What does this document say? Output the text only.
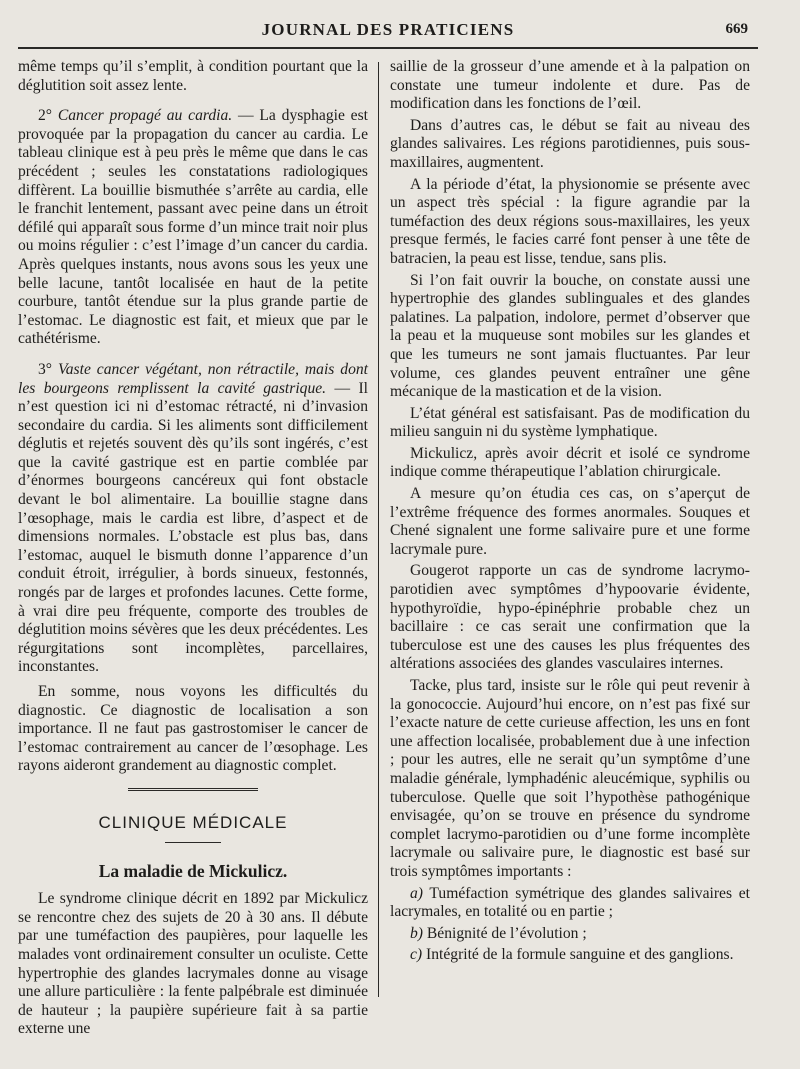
JOURNAL DES PRATICIENS	669

même temps qu’il s’emplit, à condition pourtant que la déglutition soit assez lente.

2° Cancer propagé au cardia. — La dysphagie est provoquée par la propagation du cancer au cardia. Le tableau clinique est à peu près le même que dans le cas précédent ; seules les constatations radiologiques diffèrent. La bouillie bismuthée s’arrête au cardia, elle le franchit lentement, passant avec peine dans un étroit défilé qui apparaît sous forme d’un mince trait noir plus ou moins régulier : c’est l’image d’un cancer du cardia. Après quelques instants, nous avons sous les yeux une belle lacune, tantôt localisée en haut de la petite courbure, tantôt étendue sur la plus grande partie de l’estomac. Le diagnostic est fait, et mieux que par le cathétérisme.

3° Vaste cancer végétant, non rétractile, mais dont les bourgeons remplissent la cavité gastrique. — Il n’est question ici ni d’estomac rétracté, ni d’invasion secondaire du cardia. Si les aliments sont difficilement déglutis et rejetés souvent dès qu’ils sont ingérés, c’est que la cavité gastrique est en partie comblée par d’énormes bourgeons cancéreux qui font obstacle devant le bol alimentaire. La bouillie stagne dans l’œsophage, mais le cardia est libre, d’aspect et de dimensions normales. L’obstacle est plus bas, dans l’estomac, auquel le bismuth donne l’apparence d’un conduit étroit, irrégulier, à bords sinueux, festonnés, rongés par de larges et profondes lacunes. Cette forme, à vrai dire peu fréquente, comporte des troubles de déglutition moins sévères que les deux précédentes. Les régurgitations sont incomplètes, parcellaires, inconstantes.

En somme, nous voyons les difficultés du diagnostic. Ce diagnostic de localisation a son importance. Il ne faut pas gastrostomiser le cancer de l’estomac contrairement au cancer de l’œsophage. Les rayons aideront grandement au diagnostic complet.

CLINIQUE MÉDICALE
La maladie de Mickulicz.

Le syndrome clinique décrit en 1892 par Mickulicz se rencontre chez des sujets de 20 à 30 ans. Il débute par une tuméfaction des paupières, pour laquelle les malades vont ordinairement consulter un oculiste. Cette hypertrophie des glandes lacrymales donne au visage une allure particulière : la fente palpébrale est diminuée de hauteur ; la paupière supérieure fait à sa partie externe une

saillie de la grosseur d’une amende et à la palpation on constate une tumeur indolente et dure. Pas de modification dans les fonctions de l’œil.

Dans d’autres cas, le début se fait au niveau des glandes salivaires. Les régions parotidiennes, puis sous-maxillaires, augmentent.

A la période d’état, la physionomie se présente avec un aspect très spécial : la figure agrandie par la tuméfaction des deux régions sous-maxillaires, les yeux presque fermés, le facies carré font penser à une tête de batracien, la peau est lisse, tendue, sans plis.

Si l’on fait ouvrir la bouche, on constate aussi une hypertrophie des glandes sublinguales et des glandes palatines. La palpation, indolore, permet d’observer que la peau et la muqueuse sont mobiles sur les glandes et que les tumeurs ne sont jamais fluctuantes. Par leur volume, ces glandes peuvent entraîner une gêne mécanique de la mastication et de la vision.

L’état général est satisfaisant. Pas de modification du milieu sanguin ni du système lymphatique.

Mickulicz, après avoir décrit et isolé ce syndrome indique comme thérapeutique l’ablation chirurgicale.

A mesure qu’on étudia ces cas, on s’aperçut de l’extrême fréquence des formes anormales. Souques et Chené signalent une forme salivaire pure et une forme lacrymale pure.

Gougerot rapporte un cas de syndrome lacrymo-parotidien avec symptômes d’hypoovarie évidente, hypothyroïdie, hypo-épinéphrie probable chez un bacillaire : ce cas serait une confirmation que la tuberculose est une des causes les plus fréquentes des altérations associées des glandes vasculaires internes.

Tacke, plus tard, insiste sur le rôle qui peut revenir à la gonococcie. Aujourd’hui encore, on n’est pas fixé sur l’exacte nature de cette curieuse affection, les uns en font une affection localisée, probablement due à une infection ; pour les autres, elle ne serait qu’un symptôme d’une maladie générale, lymphadénic aleucémique, syphilis ou tuberculose. Quelle que soit l’hypothèse pathogénique envisagée, qu’on se trouve en présence du syndrome complet lacrymo-parotidien ou d’une forme incomplète lacrymale ou salivaire pure, le diagnostic est basé sur trois symptômes importants :

a) Tuméfaction symétrique des glandes salivaires et lacrymales, en totalité ou en partie ;

b) Bénignité de l’évolution ;

c) Intégrité de la formule sanguine et des ganglions.
